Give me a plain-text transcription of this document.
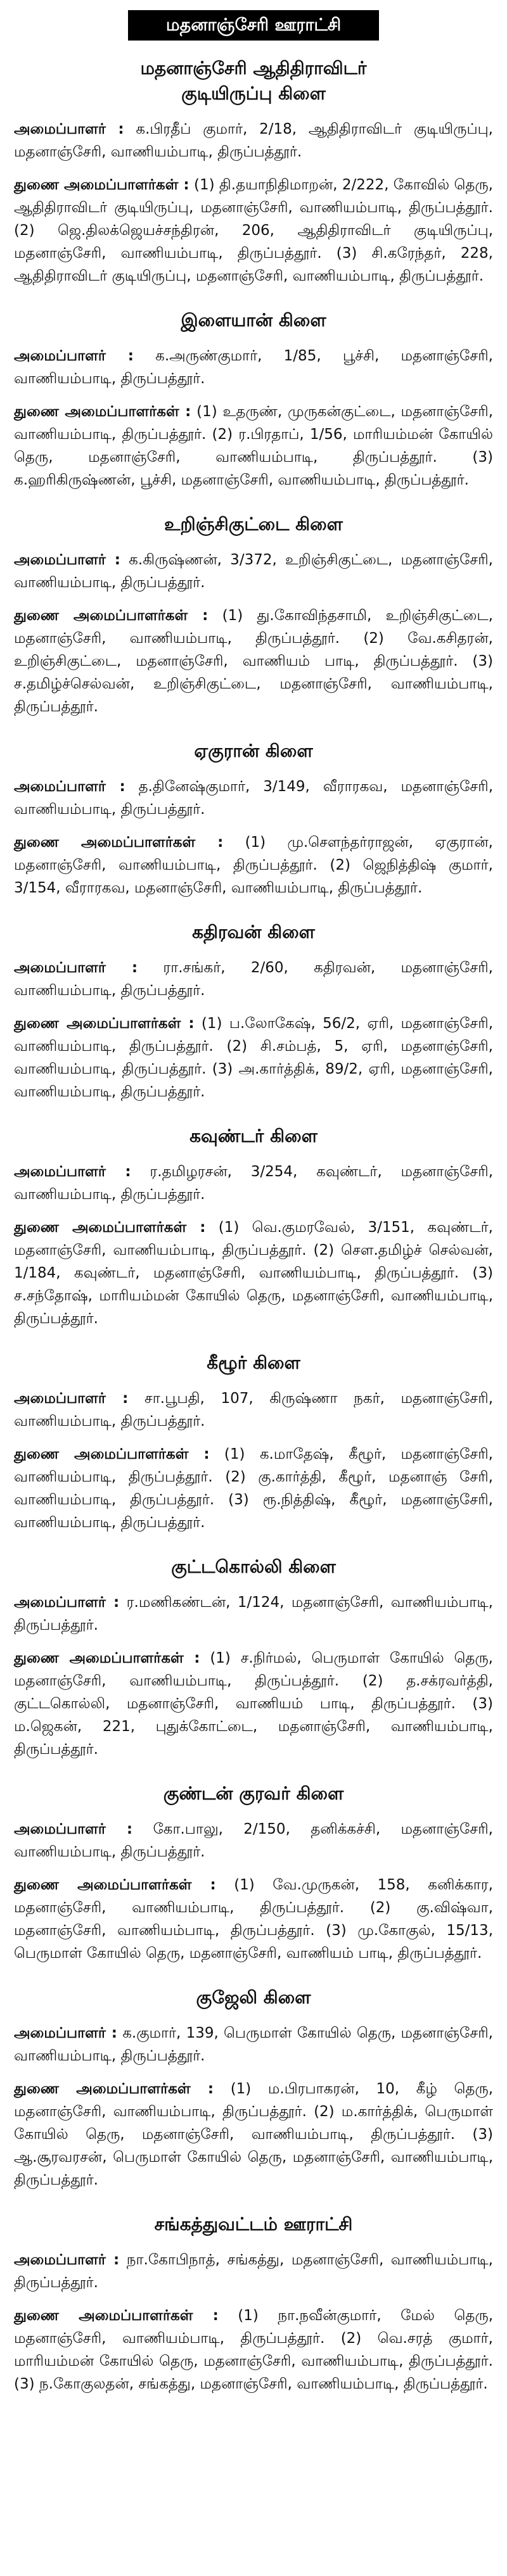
மதனாஞ்சேரி ஊராட்சி
மதனாஞ்சேரி ஆதிதிராவிடர்
குடியிருப்பு கிளை
அமைப்பாளர் : க.பிரதீப் குமார், 2/18, ஆதிதிராவிடர் குடியிருப்பு, மதனாஞ்சேரி, வாணியம்பாடி, திருப்பத்தூர்.
துணை அமைப்பாளர்கள் : (1) தி.தயாநிதிமாறன், 2/222, கோவில் தெரு, ஆதிதிராவிடர் குடியிருப்பு, மதனாஞ்சேரி, வாணியம்பாடி, திருப்பத்தூர். (2) ஜெ.திலக்ஜெயச்சந்திரன், 206, ஆதிதிராவிடர் குடியிருப்பு, மதனாஞ்சேரி, வாணியம்பாடி, திருப்பத்தூர். (3) சி.கரேந்தர், 228, ஆதிதிராவிடர் குடியிருப்பு, மதனாஞ்சேரி, வாணியம்பாடி, திருப்பத்தூர்.
இளையான் கிளை
அமைப்பாளர் : க.அருண்குமார், 1/85, பூச்சி, மதனாஞ்சேரி, வாணியம்பாடி, திருப்பத்தூர்.
துணை அமைப்பாளர்கள் : (1) உதருண், முருகன்குட்டை, மதனாஞ்சேரி, வாணியம்பாடி, திருப்பத்தூர். (2) ர.பிரதாப், 1/56, மாரியம்மன் கோயில் தெரு, மதனாஞ்சேரி, வாணியம்பாடி, திருப்பத்தூர். (3) க.ஹரிகிருஷ்ணன், பூச்சி, மதனாஞ்சேரி, வாணியம்பாடி, திருப்பத்தூர்.
உறிஞ்சிகுட்டை கிளை
அமைப்பாளர் : க.கிருஷ்ணன், 3/372, உறிஞ்சிகுட்டை, மதனாஞ்சேரி, வாணியம்பாடி, திருப்பத்தூர்.
துணை அமைப்பாளர்கள் : (1) து.கோவிந்தசாமி, உறிஞ்சிகுட்டை, மதனாஞ்சேரி, வாணியம்பாடி, திருப்பத்தூர். (2) வே.கசிதரன், உறிஞ்சிகுட்டை, மதனாஞ்சேரி, வாணியம் பாடி, திருப்பத்தூர். (3) ச.தமிழ்ச்செல்வன், உறிஞ்சிகுட்டை, மதனாஞ்சேரி, வாணியம்பாடி, திருப்பத்தூர்.
ஏகுரான் கிளை
அமைப்பாளர் : த.தினேஷ்குமார், 3/149, வீராரகவ, மதனாஞ்சேரி, வாணியம்பாடி, திருப்பத்தூர்.
துணை அமைப்பாளர்கள் : (1) மு.சௌந்தர்ராஜன், ஏகுரான், மதனாஞ்சேரி, வாணியம்பாடி, திருப்பத்தூர். (2) ஜெநித்திஷ் குமார், 3/154, வீராரகவ, மதனாஞ்சேரி, வாணியம்பாடி, திருப்பத்தூர்.
கதிரவன் கிளை
அமைப்பாளர் : ரா.சங்கர், 2/60, கதிரவன், மதனாஞ்சேரி, வாணியம்பாடி, திருப்பத்தூர்.
துணை அமைப்பாளர்கள் : (1) ப.லோகேஷ், 56/2, ஏரி, மதனாஞ்சேரி, வாணியம்பாடி, திருப்பத்தூர். (2) சி.சம்பத், 5, ஏரி, மதனாஞ்சேரி, வாணியம்பாடி, திருப்பத்தூர். (3) அ.கார்த்திக், 89/2, ஏரி, மதனாஞ்சேரி, வாணியம்பாடி, திருப்பத்தூர்.
கவுண்டர் கிளை
அமைப்பாளர் : ர.தமிழரசன், 3/254, கவுண்டர், மதனாஞ்சேரி, வாணியம்பாடி, திருப்பத்தூர்.
துணை அமைப்பாளர்கள் : (1) வெ.குமரவேல், 3/151, கவுண்டர், மதனாஞ்சேரி, வாணியம்பாடி, திருப்பத்தூர். (2) செள.தமிழ்ச் செல்வன், 1/184, கவுண்டர், மதனாஞ்சேரி, வாணியம்பாடி, திருப்பத்தூர். (3) ச.சந்தோஷ், மாரியம்மன் கோயில் தெரு, மதனாஞ்சேரி, வாணியம்பாடி, திருப்பத்தூர்.
கீழூர் கிளை
அமைப்பாளர் : சா.பூபதி, 107, கிருஷ்ணா நகர், மதனாஞ்சேரி, வாணியம்பாடி, திருப்பத்தூர்.
துணை அமைப்பாளர்கள் : (1) க.மாதேஷ், கீழூர், மதனாஞ்சேரி, வாணியம்பாடி, திருப்பத்தூர். (2) கு.கார்த்தி, கீழூர், மதனாஞ் சேரி, வாணியம்பாடி, திருப்பத்தூர். (3) ரூ.நித்திஷ், கீழூர், மதனாஞ்சேரி, வாணியம்பாடி, திருப்பத்தூர்.
குட்டகொல்லி கிளை
அமைப்பாளர் : ர.மணிகண்டன், 1/124, மதனாஞ்சேரி, வாணியம்பாடி, திருப்பத்தூர்.
துணை அமைப்பாளர்கள் : (1) ச.நிர்மல், பெருமாள் கோயில் தெரு, மதனாஞ்சேரி, வாணியம்பாடி, திருப்பத்தூர். (2) த.சக்ரவர்த்தி, குட்டகொல்லி, மதனாஞ்சேரி, வாணியம் பாடி, திருப்பத்தூர். (3) ம.ஜெகன், 221, புதுக்கோட்டை, மதனாஞ்சேரி, வாணியம்பாடி, திருப்பத்தூர்.
குண்டன் குரவர் கிளை
அமைப்பாளர் : கோ.பாலு, 2/150, தனிக்கச்சி, மதனாஞ்சேரி, வாணியம்பாடி, திருப்பத்தூர்.
துணை அமைப்பாளர்கள் : (1) வே.முருகன், 158, கனிக்கார, மதனாஞ்சேரி, வாணியம்பாடி, திருப்பத்தூர். (2) கு.விஷ்வா, மதனாஞ்சேரி, வாணியம்பாடி, திருப்பத்தூர். (3) மு.கோகுல், 15/13, பெருமாள் கோயில் தெரு, மதனாஞ்சேரி, வாணியம் பாடி, திருப்பத்தூர்.
குஜேலி கிளை
அமைப்பாளர் : க.குமார், 139, பெருமாள் கோயில் தெரு, மதனாஞ்சேரி, வாணியம்பாடி, திருப்பத்தூர்.
துணை அமைப்பாளர்கள் : (1) ம.பிரபாகரன், 10, கீழ் தெரு, மதனாஞ்சேரி, வாணியம்பாடி, திருப்பத்தூர். (2) ம.கார்த்திக், பெருமாள் கோயில் தெரு, மதனாஞ்சேரி, வாணியம்பாடி, திருப்பத்தூர். (3) ஆ.சூரவரசன், பெருமாள் கோயில் தெரு, மதனாஞ்சேரி, வாணியம்பாடி, திருப்பத்தூர்.
சங்கத்துவட்டம் ஊராட்சி
அமைப்பாளர் : நா.கோபிநாத், சங்கத்து, மதனாஞ்சேரி, வாணியம்பாடி, திருப்பத்தூர்.
துணை அமைப்பாளர்கள் : (1) நா.நவீன்குமார், மேல் தெரு, மதனாஞ்சேரி, வாணியம்பாடி, திருப்பத்தூர். (2) வெ.சரத் குமார், மாரியம்மன் கோயில் தெரு, மதனாஞ்சேரி, வாணியம்பாடி, திருப்பத்தூர். (3) ந.கோகுலதன், சங்கத்து, மதனாஞ்சேரி, வாணியம்பாடி, திருப்பத்தூர்.
